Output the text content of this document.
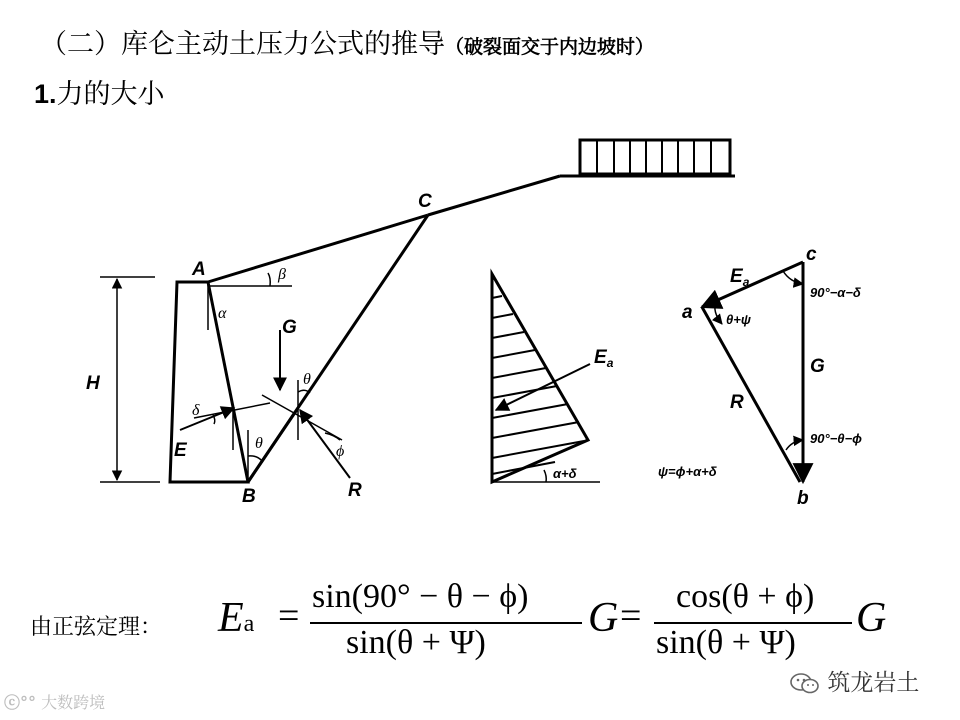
（二）库仑主动土压力公式的推导（破裂面交于内边坡时）
1.力的大小
C
A
B
H
G
E
R
β
α
δ
θ
θ	ϕ
$E_a$
α+δ
c
a
b
$E_a$
G
R
90°−α−δ
θ+ψ
90°−θ−ϕ
ψ=ϕ+α+δ
由正弦定理： Ea = sin(90° − θ − ϕ)
sin(θ + Ψ)
G = cos(θ + ϕ)
sin(θ + Ψ)
G
ⓒ°° 大数跨境
筑龙岩土
